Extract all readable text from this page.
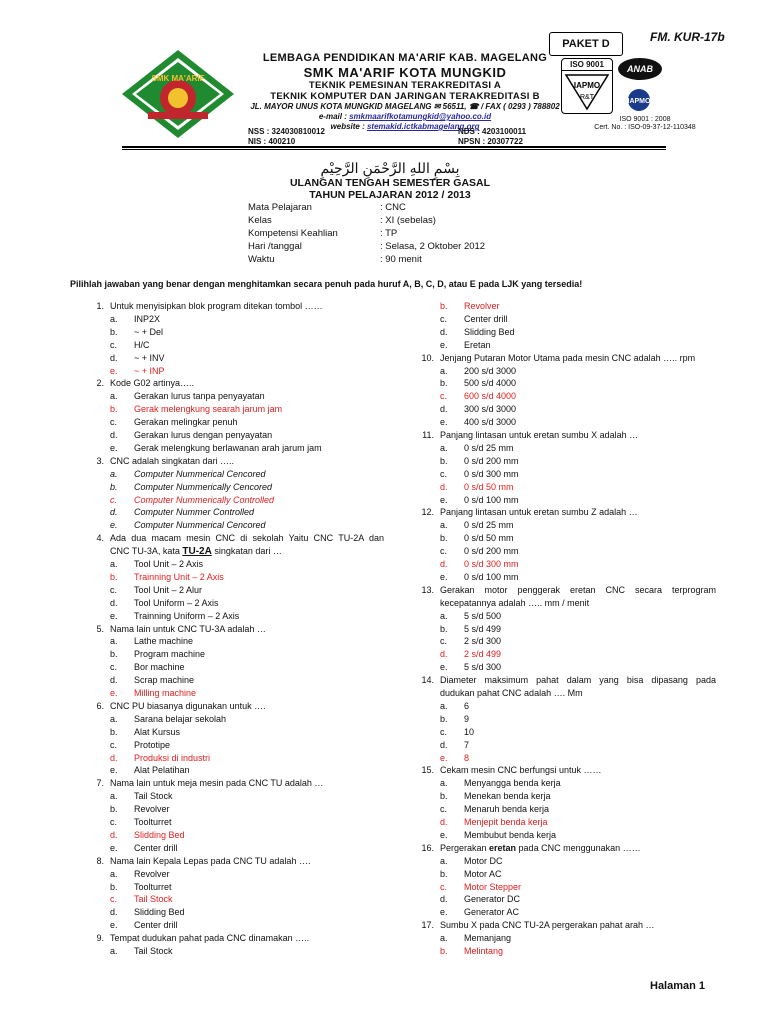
FM. KUR-17b
PAKET D
SMK MA'ARIF
LEMBAGA PENDIDIKAN MA'ARIF KAB. MAGELANG
SMK MA'ARIF KOTA MUNGKID
TEKNIK PEMESINAN TERAKREDITASI A
TEKNIK KOMPUTER DAN JARINGAN TERAKREDITASI B
JL. MAYOR UNUS KOTA MUNGKID MAGELANG ✉ 56511, ☎ / FAX ( 0293 ) 788802
e-mail : smkmaarifkotamungkid@yahoo.co.id
website : stemakid.ictkabmagelang.org
ISO 9001
IAPMO
R&T
ANAB
IAPMO
ISO 9001 : 2008
Cert. No. : ISO-09-37-12-110348
NSS : 324030810012	NDS : 4203100011
NIS : 400210	NPSN : 20307722
بِسْمِ اللهِ الرَّحْمَنِ الرَّحِيْمِ
ULANGAN TENGAH SEMESTER GASAL
TAHUN PELAJARAN 2012 / 2013
Mata Pelajaran	: CNC
Kelas	: XI (sebelas)
Kompetensi Keahlian	: TP
Hari /tanggal	: Selasa, 2 Oktober 2012
Waktu	: 90 menit
Pilihlah jawaban yang benar dengan menghitamkan secara penuh pada huruf A, B, C, D, atau E pada LJK yang tersedia!
1. Untuk menyisipkan blok program ditekan tombol ……
a. INP2X
b. ~ + Del
c. H/C
d. ~ + INV
e. ~ + INP
2. Kode G02 artinya…..
a. Gerakan lurus tanpa penyayatan
b. Gerak melengkung searah jarum jam
c. Gerakan melingkar penuh
d. Gerakan lurus dengan penyayatan
e. Gerak melengkung berlawanan arah jarum jam
3. CNC adalah singkatan dari …..
a. Computer Nummerical Cencored
b. Computer Nummerically Cencored
c. Computer Nummerically Controlled
d. Computer Nummer Controlled
e. Computer Nummerical Cencored
4. Ada dua macam mesin CNC di sekolah Yaitu CNC TU-2A dan
CNC TU-3A, kata TU-2A singkatan dari …
a. Tool Unit – 2 Axis
b. Trainning Unit – 2 Axis
c. Tool Unit – 2 Alur
d. Tool Uniform – 2 Axis
e. Trainning Uniform – 2 Axis
5. Nama lain untuk CNC TU-3A adalah …
a. Lathe machine
b. Program machine
c. Bor machine
d. Scrap machine
e. Milling machine
6. CNC PU biasanya digunakan untuk ….
a. Sarana belajar sekolah
b. Alat Kursus
c. Prototipe
d. Produksi di industri
e. Alat Pelatihan
7. Nama lain untuk meja mesin pada CNC TU adalah …
a. Tail Stock
b. Revolver
c. Toolturret
d. Slidding Bed
e. Center drill
8. Nama lain Kepala Lepas pada CNC TU adalah ….
a. Revolver
b. Toolturret
c. Tail Stock
d. Slidding Bed
e. Center drill
9. Tempat dudukan pahat pada CNC dinamakan …..
a. Tail Stock
b. Revolver
c. Center drill
d. Slidding Bed
e. Eretan
10. Jenjang Putaran Motor Utama pada mesin CNC adalah ….. rpm
a. 200 s/d 3000
b. 500 s/d 4000
c. 600 s/d 4000
d. 300 s/d 3000
e. 400 s/d 3000
11. Panjang lintasan untuk eretan sumbu X adalah …
a. 0 s/d 25 mm
b. 0 s/d 200 mm
c. 0 s/d 300 mm
d. 0 s/d 50 mm
e. 0 s/d 100 mm
12. Panjang lintasan untuk eretan sumbu Z adalah …
a. 0 s/d 25 mm
b. 0 s/d 50 mm
c. 0 s/d 200 mm
d. 0 s/d 300 mm
e. 0 s/d 100 mm
13. Gerakan motor penggerak eretan CNC secara terprogram
kecepatannya adalah ….. mm / menit
a. 5 s/d 500
b. 5 s/d 499
c. 2 s/d 300
d. 2 s/d 499
e. 5 s/d 300
14. Diameter maksimum pahat dalam yang bisa dipasang pada
dudukan pahat CNC adalah …. Mm
a. 6
b. 9
c. 10
d. 7
e. 8
15. Cekam mesin CNC berfungsi untuk ……
a. Menyangga benda kerja
b. Menekan benda kerja
c. Menaruh benda kerja
d. Menjepit benda kerja
e. Membubut benda kerja
16. Pergerakan eretan pada CNC menggunakan ……
a. Motor DC
b. Motor AC
c. Motor Stepper
d. Generator DC
e. Generator AC
17. Sumbu X pada CNC TU-2A pergerakan pahat arah …
a. Memanjang
b. Melintang
Halaman 1
